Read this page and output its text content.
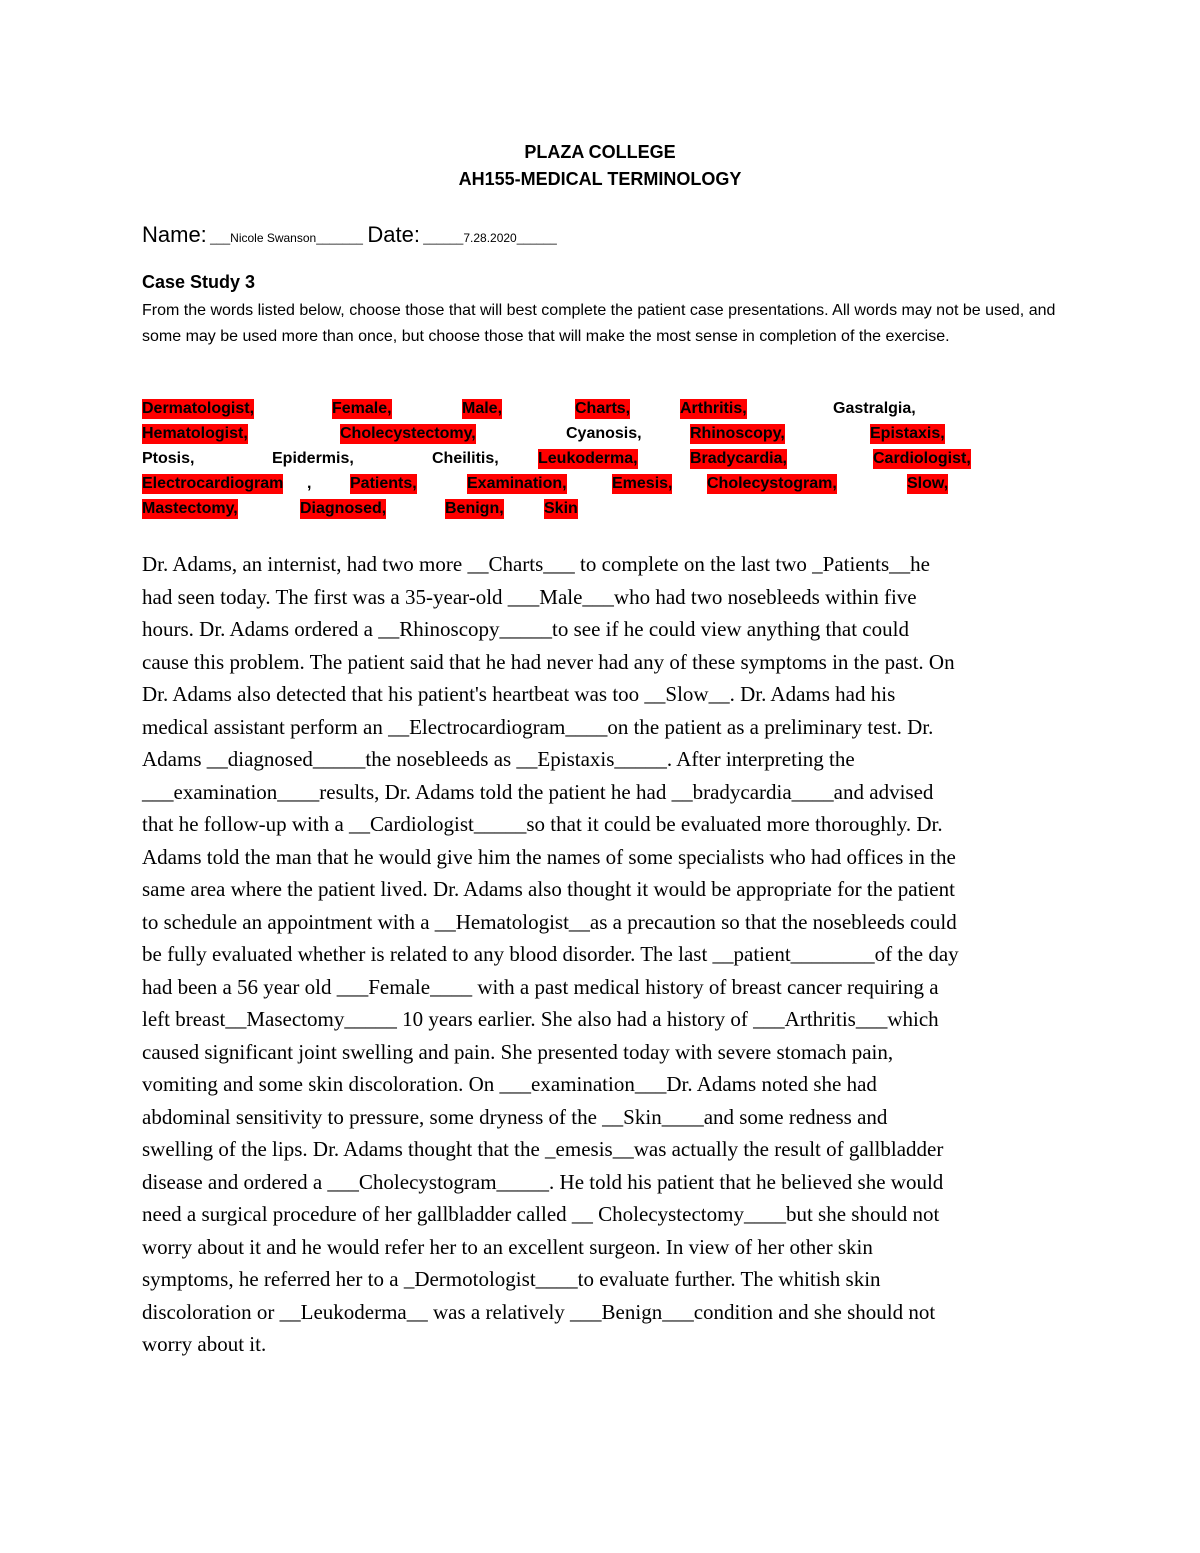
PLAZA COLLEGE
AH155-MEDICAL TERMINOLOGY
Name: ___Nicole Swanson_______ Date: ______7.28.2020______
Case Study 3
From the words listed below, choose those that will best complete the patient case presentations. All words may not be used, and some may be used more than once, but choose those that will make the most sense in completion of the exercise.
Dermatologist,	Female,	Male,	Charts,	Arthritis,	Gastralgia,
Hematologist,	Cholecystectomy,	Cyanosis,	Rhinoscopy,	Epistaxis,
Ptosis,	Epidermis,	Cheilitis, Leukoderma,	Bradycardia,	Cardiologist,
Electrocardiogram , Patients,	Examination,	Emesis, Cholecystogram,	Slow,
Mastectomy,	Diagnosed,	Benign,	Skin
Dr. Adams, an internist, had two more __Charts___ to complete on the last two _Patients__he
had seen today. The first was a 35-year-old ___Male___who had two nosebleeds within five
hours. Dr. Adams ordered a __Rhinoscopy_____to see if he could view anything that could
cause this problem. The patient said that he had never had any of these symptoms in the past. On
Dr. Adams also detected that his patient's heartbeat was too __Slow__. Dr. Adams had his
medical assistant perform an __Electrocardiogram____on the patient as a preliminary test. Dr.
Adams __diagnosed_____the nosebleeds as __Epistaxis_____. After interpreting the
___examination____results, Dr. Adams told the patient he had __bradycardia____and advised
that he follow-up with a __Cardiologist_____so that it could be evaluated more thoroughly. Dr.
Adams told the man that he would give him the names of some specialists who had offices in the
same area where the patient lived. Dr. Adams also thought it would be appropriate for the patient
to schedule an appointment with a __Hematologist__as a precaution so that the nosebleeds could
be fully evaluated whether is related to any blood disorder. The last __patient________of the day
had been a 56 year old ___Female____ with a past medical history of breast cancer requiring a
left breast__Masectomy_____ 10 years earlier. She also had a history of ___Arthritis___which
caused significant joint swelling and pain. She presented today with severe stomach pain,
vomiting and some skin discoloration. On ___examination___Dr. Adams noted she had
abdominal sensitivity to pressure, some dryness of the __Skin____and some redness and
swelling of the lips. Dr. Adams thought that the _emesis__was actually the result of gallbladder
disease and ordered a ___Cholecystogram_____. He told his patient that he believed she would
need a surgical procedure of her gallbladder called __ Cholecystectomy____but she should not
worry about it and he would refer her to an excellent surgeon. In view of her other skin
symptoms, he referred her to a _Dermotologist____to evaluate further. The whitish skin
discoloration or __Leukoderma__ was a relatively ___Benign___condition and she should not
worry about it.
